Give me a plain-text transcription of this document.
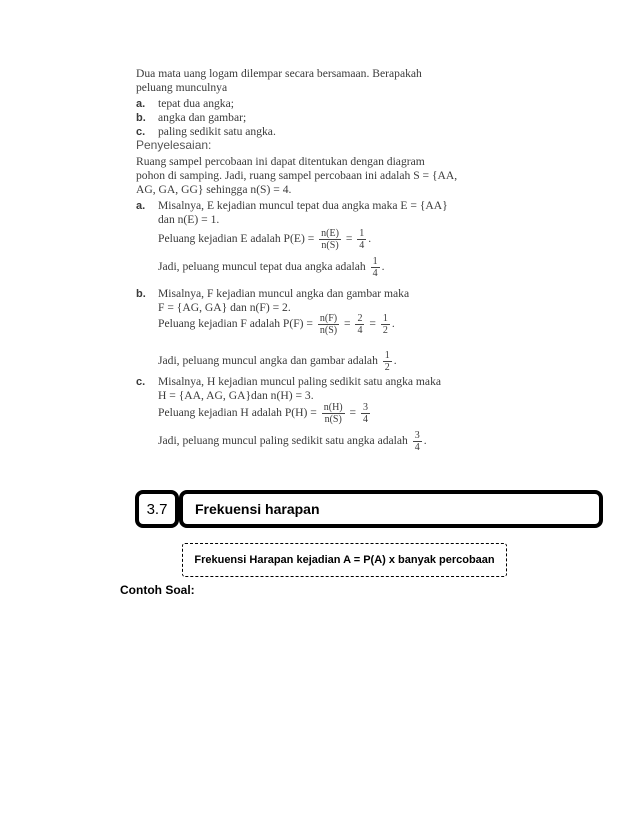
Dua mata uang logam dilempar secara bersamaan. Berapakah
peluang munculnya
a. tepat dua angka;
b. angka dan gambar;
c. paling sedikit satu angka.
Penyelesaian:
Ruang sampel percobaan ini dapat ditentukan dengan diagram
pohon di samping. Jadi, ruang sampel percobaan ini adalah S = {AA,
AG, GA, GG} sehingga n(S) = 4.
a. Misalnya, E kejadian muncul tepat dua angka maka E = {AA}
dan n(E) = 1.
Peluang kejadian E adalah $P(E) = \frac{n(E)}{n(S)} = \frac{1}{4}$ .
Jadi, peluang muncul tepat dua angka adalah $\frac{1}{4}$ .
b. Misalnya, F kejadian muncul angka dan gambar maka
F = {AG, GA} dan n(F) = 2.
Peluang kejadian F adalah $P(F) = \frac{n(F)}{n(S)} = \frac{2}{4} = \frac{1}{2}$ .
Jadi, peluang muncul angka dan gambar adalah $\frac{1}{2}$ .
c. Misalnya, H kejadian muncul paling sedikit satu angka maka
H = {AA, AG, GA}dan n(H) = 3.
Peluang kejadian H adalah $P(H) = \frac{n(H)}{n(S)} = \frac{3}{4}$
Jadi, peluang muncul paling sedikit satu angka adalah $\frac{3}{4}$ .
3.7	Frekuensi harapan
Frekuensi Harapan kejadian A = P(A) x banyak percobaan
Contoh Soal:
